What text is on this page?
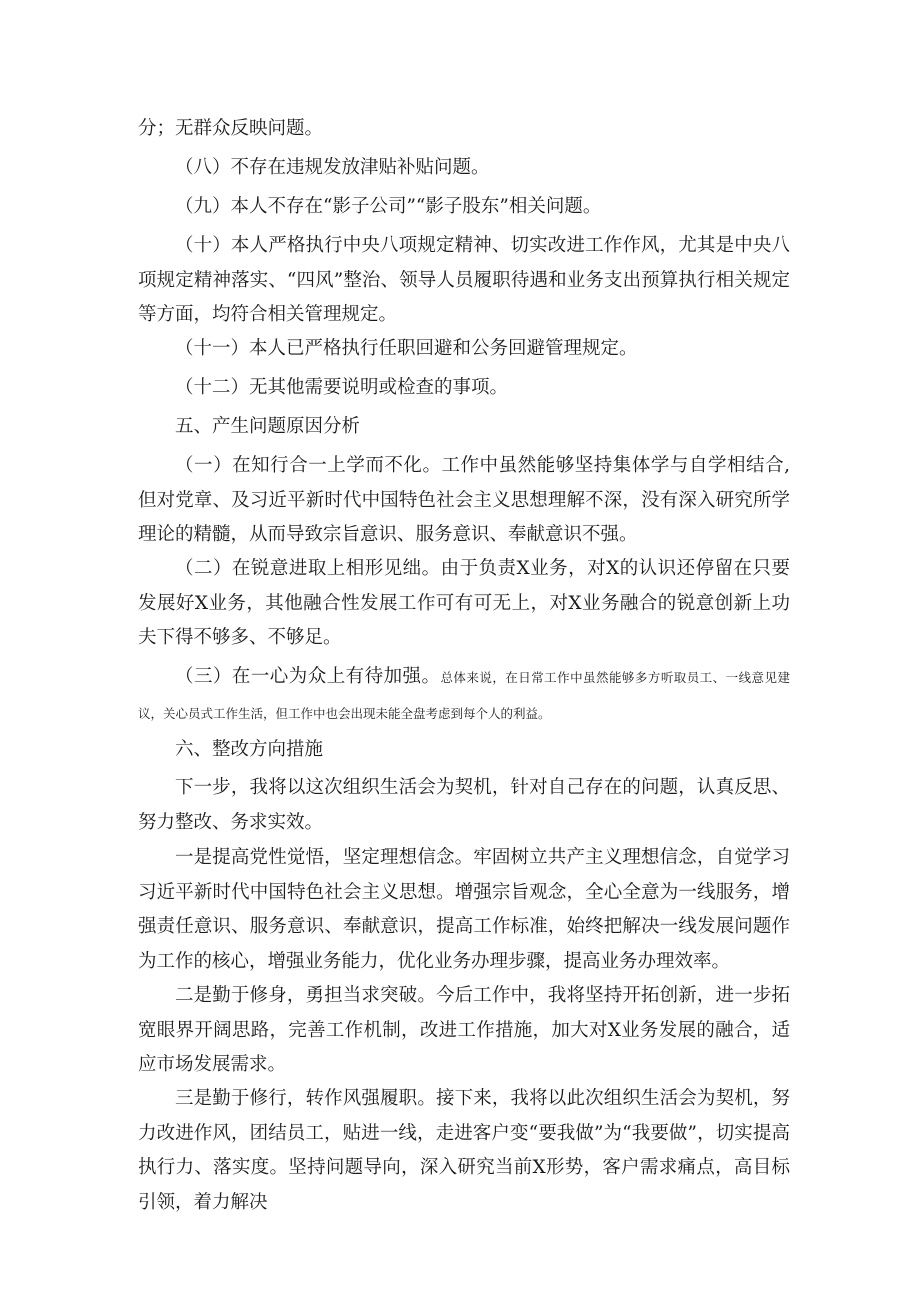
分；无群众反映问题。

（八）不存在违规发放津贴补贴问题。

（九）本人不存在“影子公司”“影子股东”相关问题。

（十）本人严格执行中央八项规定精神、切实改进工作作风，尤其是中央八项规定精神落实、“四风”整治、领导人员履职待遇和业务支出预算执行相关规定等方面，均符合相关管理规定。

（十一）本人已严格执行任职回避和公务回避管理规定。

（十二）无其他需要说明或检查的事项。

五、产生问题原因分析

（一）在知行合一上学而不化。工作中虽然能够坚持集体学与自学相结合,但对党章、及习近平新时代中国特色社会主义思想理解不深，没有深入研究所学理论的精髓，从而导致宗旨意识、服务意识、奉献意识不强。

（二）在锐意进取上相形见绌。由于负责X业务，对X的认识还停留在只要发展好X业务，其他融合性发展工作可有可无上，对X业务融合的锐意创新上功夫下得不够多、不够足。

（三）在一心为众上有待加强。总体来说，在日常工作中虽然能够多方听取员工、一线意见建议，关心员式工作生活，但工作中也会出现未能全盘考虑到每个人的利益。

六、整改方向措施

下一步，我将以这次组织生活会为契机，针对自己存在的问题，认真反思、努力整改、务求实效。

一是提高党性觉悟，坚定理想信念。牢固树立共产主义理想信念，自觉学习习近平新时代中国特色社会主义思想。增强宗旨观念，全心全意为一线服务，增强责任意识、服务意识、奉献意识，提高工作标准，始终把解决一线发展问题作为工作的核心，增强业务能力，优化业务办理步骤，提高业务办理效率。

二是勤于修身，勇担当求突破。今后工作中，我将坚持开拓创新，进一步拓宽眼界开阔思路，完善工作机制，改进工作措施，加大对X业务发展的融合，适应市场发展需求。

三是勤于修行，转作风强履职。接下来，我将以此次组织生活会为契机，努力改进作风，团结员工，贴进一线，走进客户变“要我做”为“我要做”，切实提高执行力、落实度。坚持问题导向，深入研究当前X形势，客户需求痛点，高目标引领，着力解决
